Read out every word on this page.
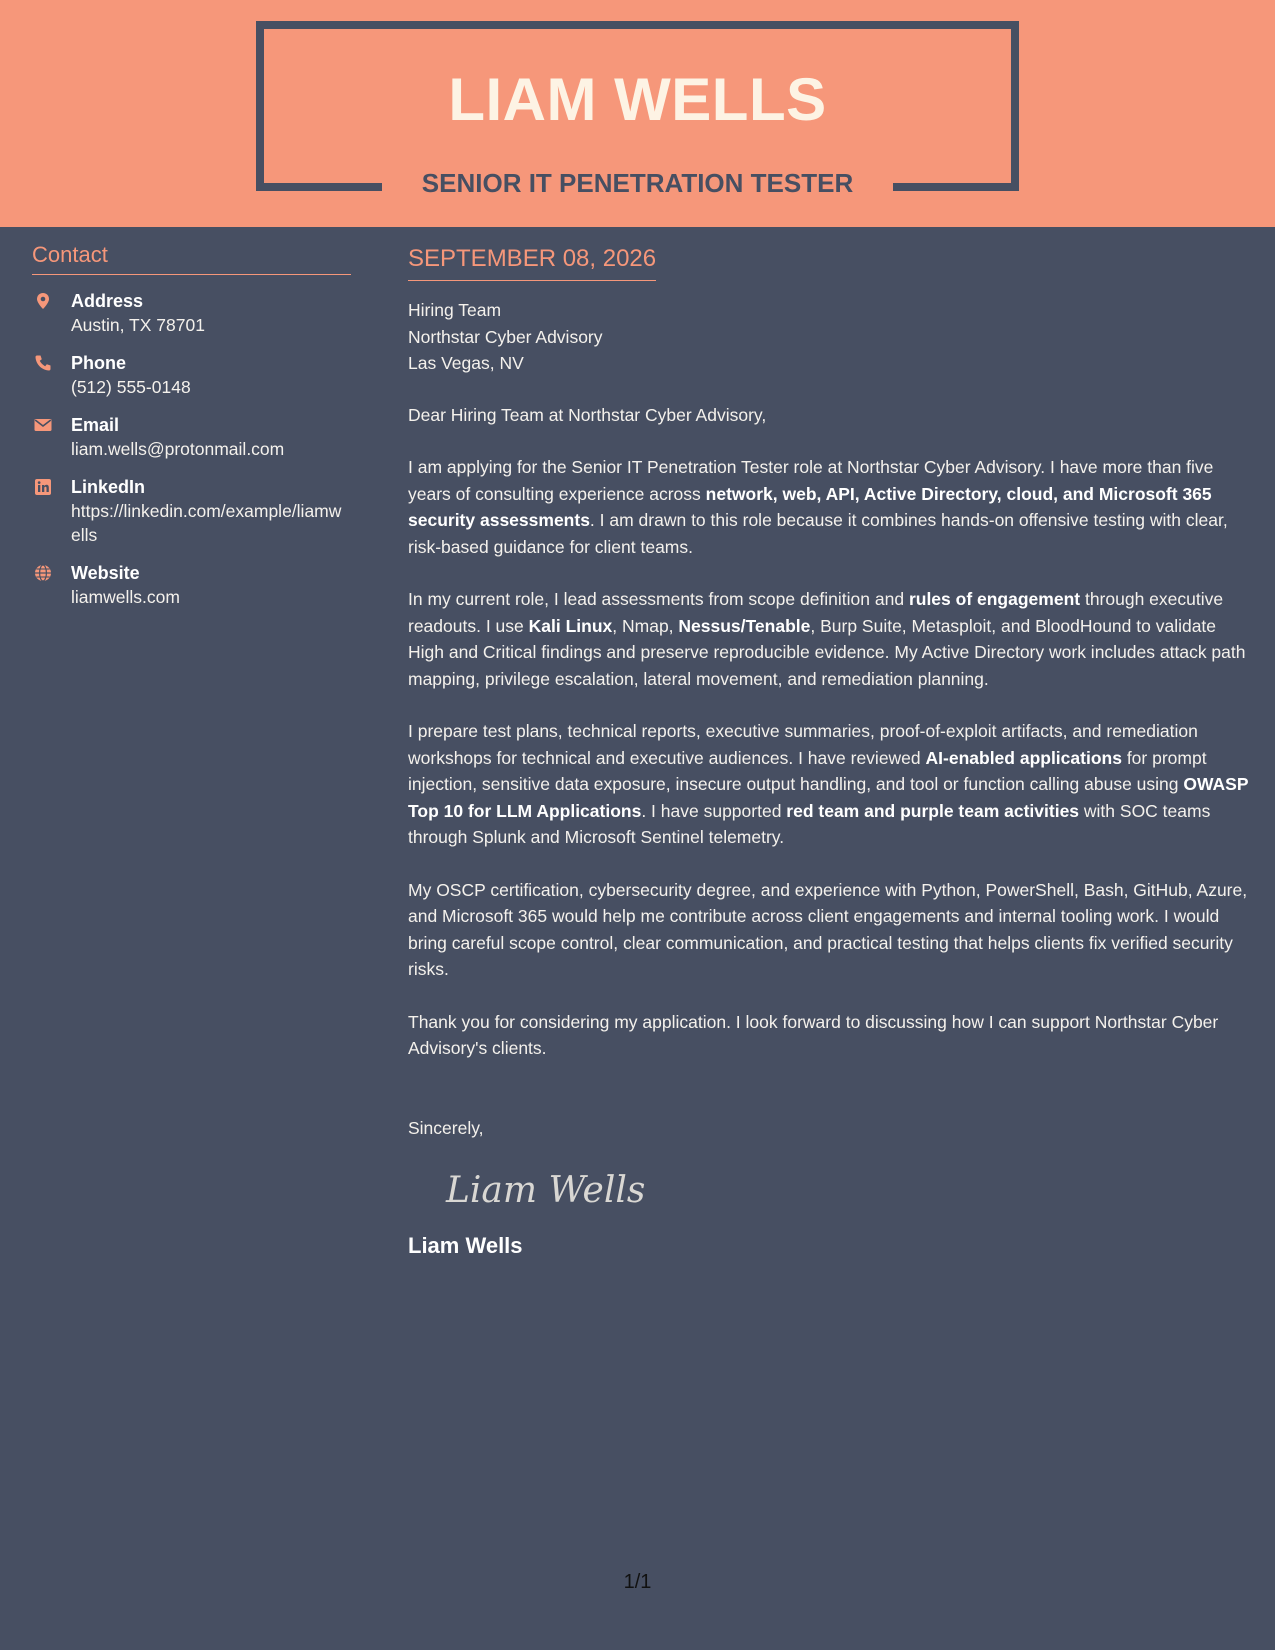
LIAM WELLS
SENIOR IT PENETRATION TESTER
Contact
Address
Austin, TX 78701
Phone
(512) 555-0148
Email
liam.wells@protonmail.com
LinkedIn
https://linkedin.com/example/liamwells
Website
liamwells.com
SEPTEMBER 08, 2026
Hiring Team
Northstar Cyber Advisory
Las Vegas, NV
Dear Hiring Team at Northstar Cyber Advisory,
I am applying for the Senior IT Penetration Tester role at Northstar Cyber Advisory. I have more than five years of consulting experience across network, web, API, Active Directory, cloud, and Microsoft 365 security assessments. I am drawn to this role because it combines hands-on offensive testing with clear, risk-based guidance for client teams.
In my current role, I lead assessments from scope definition and rules of engagement through executive readouts. I use Kali Linux, Nmap, Nessus/Tenable, Burp Suite, Metasploit, and BloodHound to validate High and Critical findings and preserve reproducible evidence. My Active Directory work includes attack path mapping, privilege escalation, lateral movement, and remediation planning.
I prepare test plans, technical reports, executive summaries, proof-of-exploit artifacts, and remediation workshops for technical and executive audiences. I have reviewed AI-enabled applications for prompt injection, sensitive data exposure, insecure output handling, and tool or function calling abuse using OWASP Top 10 for LLM Applications. I have supported red team and purple team activities with SOC teams through Splunk and Microsoft Sentinel telemetry.
My OSCP certification, cybersecurity degree, and experience with Python, PowerShell, Bash, GitHub, Azure, and Microsoft 365 would help me contribute across client engagements and internal tooling work. I would bring careful scope control, clear communication, and practical testing that helps clients fix verified security risks.
Thank you for considering my application. I look forward to discussing how I can support Northstar Cyber Advisory's clients.
Sincerely,
Liam Wells
Liam Wells
1/1
